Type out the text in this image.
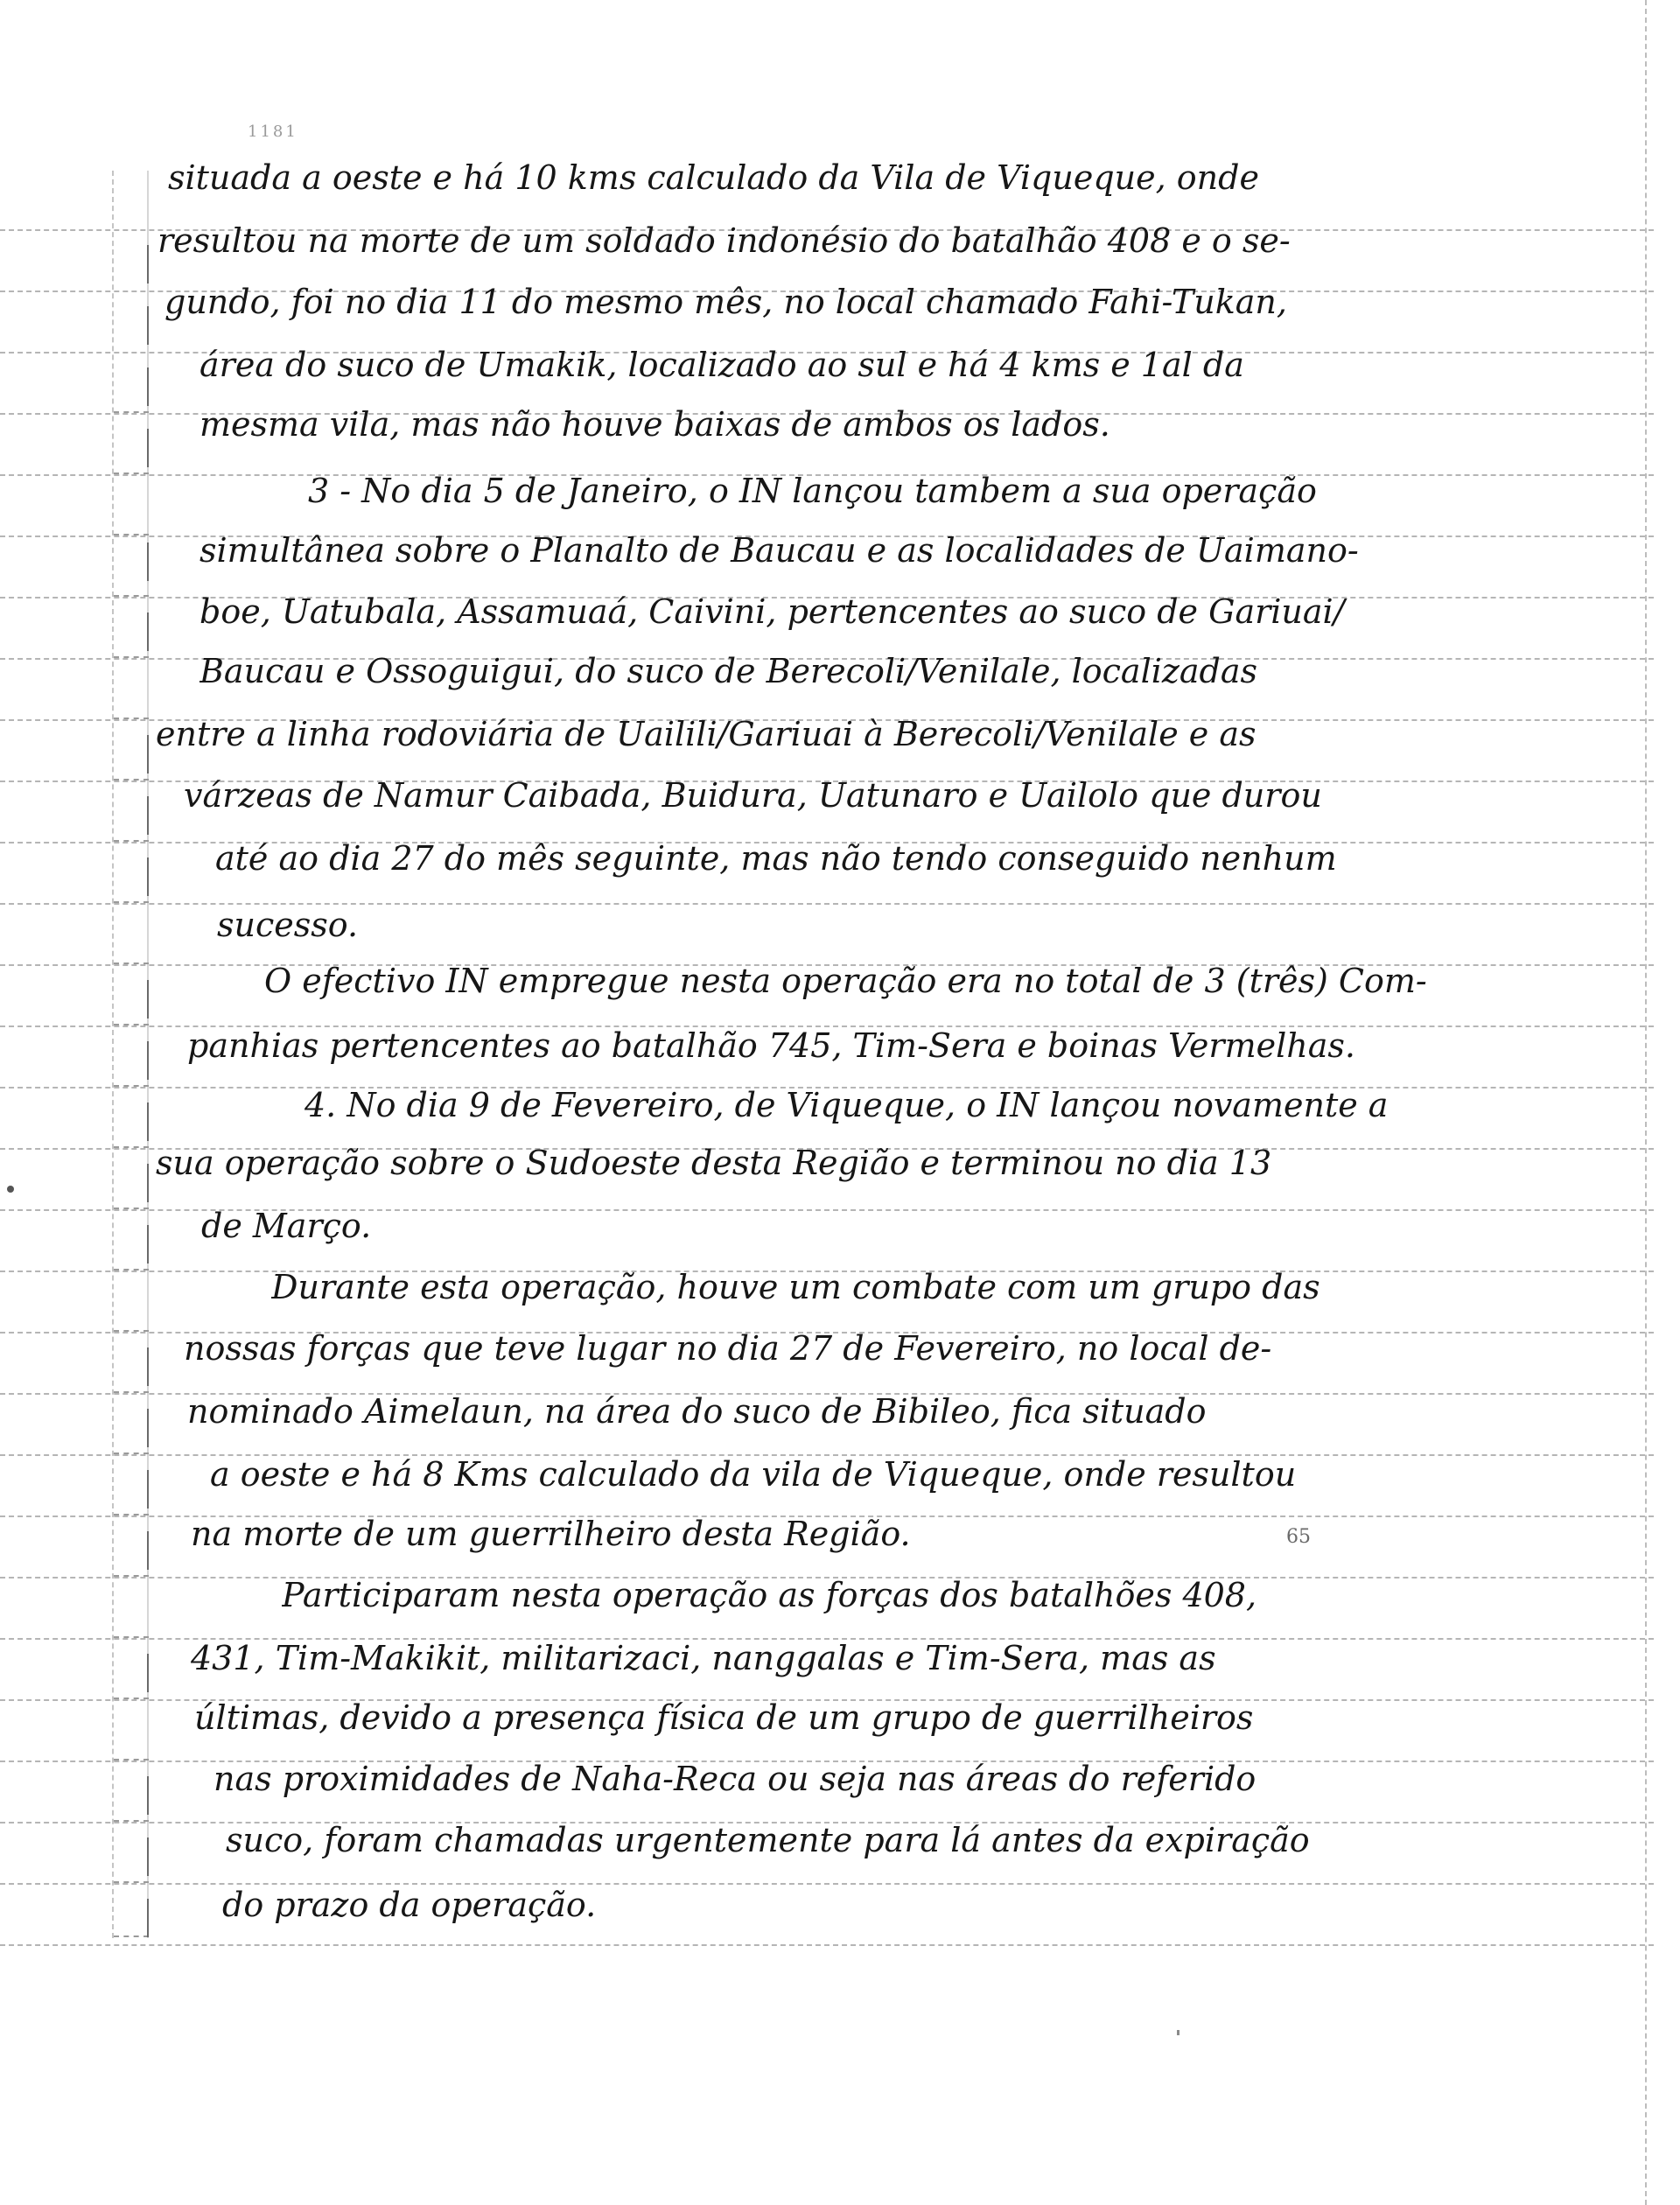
1181
situada a oeste e há 10 kms calculado da Vila de Viqueque, onde
resultou na morte de um soldado indonésio do batalhão 408 e o se-
gundo, foi no dia 11 do mesmo mês, no local chamado Fahi-Tukan,
área do suco de Umakik, localizado ao sul e há 4 kms e 1al da
mesma vila, mas não houve baixas de ambos os lados.
3 - No dia 5 de Janeiro, o IN lançou tambem a sua operação
simultânea sobre o Planalto de Baucau e as localidades de Uaimano-
boe, Uatubala, Assamuaá, Caivini, pertencentes ao suco de Gariuai/
Baucau e Ossoguigui, do suco de Berecoli/Venilale, localizadas
entre a linha rodoviária de Uailili/Gariuai à Berecoli/Venilale e as
várzeas de Namur Caibada, Buidura, Uatunaro e Uailolo que durou
até ao dia 27 do mês seguinte, mas não tendo conseguido nenhum
sucesso.
O efectivo IN empregue nesta operação era no total de 3 (três) Com-
panhias pertencentes ao batalhão 745, Tim-Sera e boinas Vermelhas.
4. No dia 9 de Fevereiro, de Viqueque, o IN lançou novamente a
sua operação sobre o Sudoeste desta Região e terminou no dia 13
de Março.
Durante esta operação, houve um combate com um grupo das
nossas forças que teve lugar no dia 27 de Fevereiro, no local de-
nominado Aimelaun, na área do suco de Bibileo, fica situado
a oeste e há 8 Kms calculado da vila de Viqueque, onde resultou
na morte de um guerrilheiro desta Região.
Participaram nesta operação as forças dos batalhões 408,
431, Tim-Makikit, militarizaci, nanggalas e Tim-Sera, mas as
últimas, devido a presença física de um grupo de guerrilheiros
nas proximidades de Naha-Reca ou seja nas áreas do referido
suco, foram chamadas urgentemente para lá antes da expiração
do prazo da operação.
65
